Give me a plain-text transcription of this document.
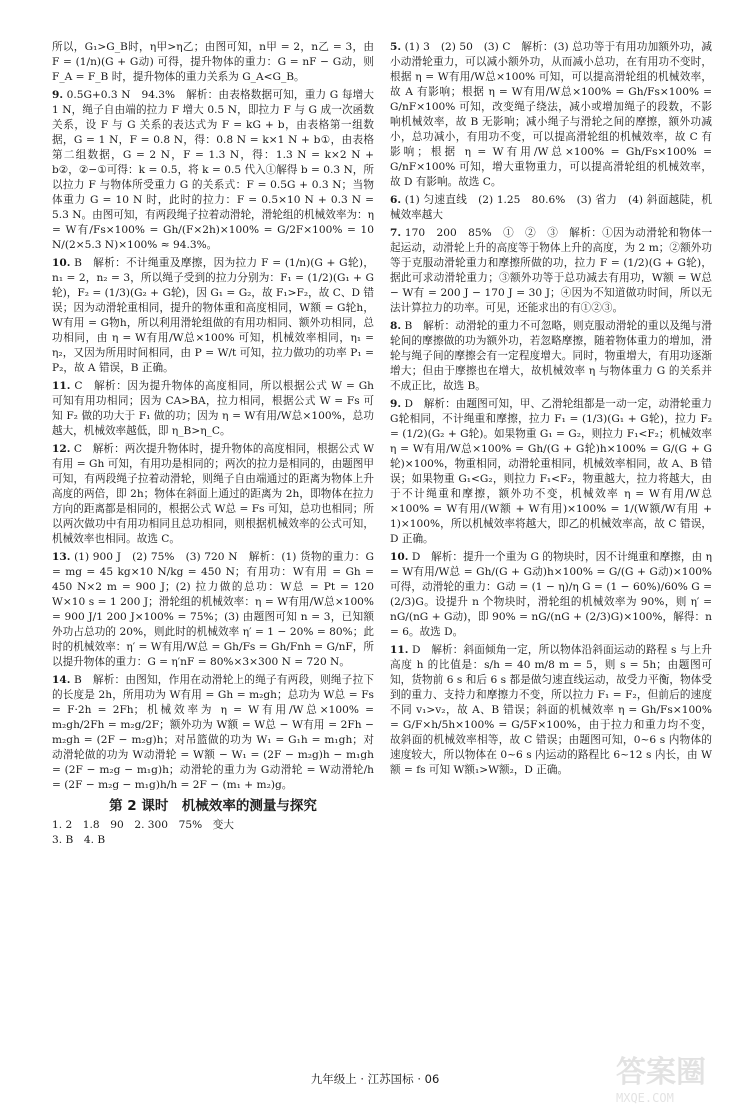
所以，G₁>G_B时，η甲>η乙；由图可知，n甲 = 2，n乙 = 3，由 F = (1/n)(G + G动) 可得，提升物体的重力：G = nF − G动，则 F_A = F_B 时，提升物体的重力关系为 G_A<G_B。

9. 0.5G+0.3 N　94.3%　解析：由表格数据可知，重力 G 每增大 1 N，绳子自由端的拉力 F 增大 0.5 N，即拉力 F 与 G 成一次函数关系，设 F 与 G 关系的表达式为 F = kG + b，由表格第一组数据，G = 1 N，F = 0.8 N，得：0.8 N = k×1 N + b①，由表格第二组数据，G = 2 N，F = 1.3 N，得：1.3 N = k×2 N + b②，②−①可得：k = 0.5，将 k = 0.5 代入①解得 b = 0.3 N，所以拉力 F 与物体所受重力 G 的关系式：F = 0.5G + 0.3 N；当物体重力 G = 10 N 时，此时的拉力：F = 0.5×10 N + 0.3 N = 5.3 N。由图可知，有两段绳子拉着动滑轮，滑轮组的机械效率为：η = W有/Fs×100% = Gh/(F×2h)×100% = G/2F×100% = 10 N/(2×5.3 N)×100% ≈ 94.3%。

10. B　解析：不计绳重及摩擦，因为拉力 F = (1/n)(G + G轮)，n₁ = 2，n₂ = 3，所以绳子受到的拉力分别为：F₁ = (1/2)(G₁ + G轮)，F₂ = (1/3)(G₂ + G轮)，因 G₁ = G₂，故 F₁>F₂，故 C、D 错误；因为动滑轮重相同，提升的物体重和高度相同，W额 = G轮h，W有用 = G物h，所以利用滑轮组做的有用功相同、额外功相同，总功相同，由 η = W有用/W总×100% 可知，机械效率相同，η₁ = η₂，又因为所用时间相同，由 P = W/t 可知，拉力做功的功率 P₁ = P₂，故 A 错误，B 正确。

11. C　解析：因为提升物体的高度相同，所以根据公式 W = Gh 可知有用功相同；因为 CA>BA，拉力相同，根据公式 W = Fs 可知 F₂ 做的功大于 F₁ 做的功；因为 η = W有用/W总×100%，总功越大，机械效率越低，即 η_B>η_C。

12. C　解析：两次提升物体时，提升物体的高度相同，根据公式 W有用 = Gh 可知，有用功是相同的；两次的拉力是相同的，由题图甲可知，有两段绳子拉着动滑轮，则绳子自由端通过的距离为物体上升高度的两倍，即 2h；物体在斜面上通过的距离为 2h，即物体在拉力方向的距离都是相同的，根据公式 W总 = Fs 可知，总功也相同；所以两次做功中有用功相同且总功相同，则根据机械效率的公式可知，机械效率也相同。故选 C。

13. (1) 900 J　(2) 75%　(3) 720 N　解析：(1) 货物的重力：G = mg = 45 kg×10 N/kg = 450 N；有用功：W有用 = Gh = 450 N×2 m = 900 J；(2) 拉力做的总功：W总 = Pt = 120 W×10 s = 1 200 J；滑轮组的机械效率：η = W有用/W总×100% = 900 J/1 200 J×100% = 75%；(3) 由题图可知 n = 3，已知额外功占总功的 20%，则此时的机械效率 η′ = 1 − 20% = 80%；此时的机械效率：η′ = W有用/W总 = Gh/Fs = Gh/Fnh = G/nF，所以提升物体的重力：G = η′nF = 80%×3×300 N = 720 N。

14. B　解析：由图知，作用在动滑轮上的绳子有两段，则绳子拉下的长度是 2h，所用功为 W有用 = Gh = m₂gh；总功为 W总 = Fs = F·2h = 2Fh；机械效率为 η = W有用/W总×100% = m₂gh/2Fh = m₂g/2F；额外功为 W额 = W总 − W有用 = 2Fh − m₂gh = (2F − m₂g)h；对吊篮做的功为 W₁ = G₁h = m₁gh；对动滑轮做的功为 W动滑轮 = W额 − W₁ = (2F − m₂g)h − m₁gh = (2F − m₂g − m₁g)h；动滑轮的重力为 G动滑轮 = W动滑轮/h = (2F − m₂g − m₁g)h/h = 2F − (m₁ + m₂)g。

第 2 课时　机械效率的测量与探究

1. 2　1.8　90　2. 300　75%　变大

3. B　4. B

5. (1) 3　(2) 50　(3) C　解析：(3) 总功等于有用功加额外功，减小动滑轮重力，可以减小额外功，从而减小总功，在有用功不变时，根据 η = W有用/W总×100% 可知，可以提高滑轮组的机械效率，故 A 有影响；根据 η = W有用/W总×100% = Gh/Fs×100% = G/nF×100% 可知，改变绳子绕法，减小或增加绳子的段数，不影响机械效率，故 B 无影响；减小绳子与滑轮之间的摩擦，额外功减小，总功减小，有用功不变，可以提高滑轮组的机械效率，故 C 有影响；根据 η = W有用/W总×100% = Gh/Fs×100% = G/nF×100% 可知，增大重物重力，可以提高滑轮组的机械效率，故 D 有影响。故选 C。

6. (1) 匀速直线　(2) 1.25　80.6%　(3) 省力　(4) 斜面越陡，机械效率越大

7. 170　200　85%　①　②　③　解析：①因为动滑轮和物体一起运动，动滑轮上升的高度等于物体上升的高度，为 2 m；②额外功等于克服动滑轮重力和摩擦所做的功，拉力 F = (1/2)(G + G轮)，据此可求动滑轮重力；③额外功等于总功减去有用功，W额 = W总 − W有 = 200 J − 170 J = 30 J；④因为不知道做功时间，所以无法计算拉力的功率。可见，还能求出的有①②③。

8. B　解析：动滑轮的重力不可忽略，则克服动滑轮的重以及绳与滑轮间的摩擦做的功为额外功，若忽略摩擦，随着物体重力的增加，滑轮与绳子间的摩擦会有一定程度增大。同时，物重增大，有用功逐渐增大；但由于摩擦也在增大，故机械效率 η 与物体重力 G 的关系并不成正比，故选 B。

9. D　解析：由题图可知，甲、乙滑轮组都是一动一定，动滑轮重力 G轮相同，不计绳重和摩擦，拉力 F₁ = (1/3)(G₁ + G轮)，拉力 F₂ = (1/2)(G₂ + G轮)。如果物重 G₁ = G₂，则拉力 F₁<F₂；机械效率 η = W有用/W总×100% = Gh/(G + G轮)h×100% = G/(G + G轮)×100%，物重相同，动滑轮重相同，机械效率相同，故 A、B 错误；如果物重 G₁<G₂，则拉力 F₁<F₂，物重越大，拉力将越大，由于不计绳重和摩擦，额外功不变，机械效率 η = W有用/W总×100% = W有用/(W额 + W有用)×100% = 1/(W额/W有用 + 1)×100%，所以机械效率将越大，即乙的机械效率高，故 C 错误，D 正确。

10. D　解析：提升一个重为 G 的物块时，因不计绳重和摩擦，由 η = W有用/W总 = Gh/(G + G动)h×100% = G/(G + G动)×100% 可得，动滑轮的重力：G动 = (1 − η)/η G = (1 − 60%)/60% G = (2/3)G。设提升 n 个物块时，滑轮组的机械效率为 90%，则 η′ = nG/(nG + G动)，即 90% = nG/(nG + (2/3)G)×100%，解得：n = 6。故选 D。

11. D　解析：斜面倾角一定，所以物体沿斜面运动的路程 s 与上升高度 h 的比值是：s/h = 40 m/8 m = 5，则 s = 5h；由题图可知，货物前 6 s 和后 6 s 都是做匀速直线运动，故受力平衡，物体受到的重力、支持力和摩擦力不变，所以拉力 F₁ = F₂，但前后的速度不同 v₁>v₂，故 A、B 错误；斜面的机械效率 η = Gh/Fs×100% = G/F×h/5h×100% = G/5F×100%，由于拉力和重力均不变，故斜面的机械效率相等，故 C 错误；由题图可知，0~6 s 内物体的速度较大，所以物体在 0~6 s 内运动的路程比 6~12 s 内长，由 W额 = fs 可知 W额₁>W额₂，D 正确。

九年级上 · 江苏国标 · 06	答案圈
MXQE.COM
